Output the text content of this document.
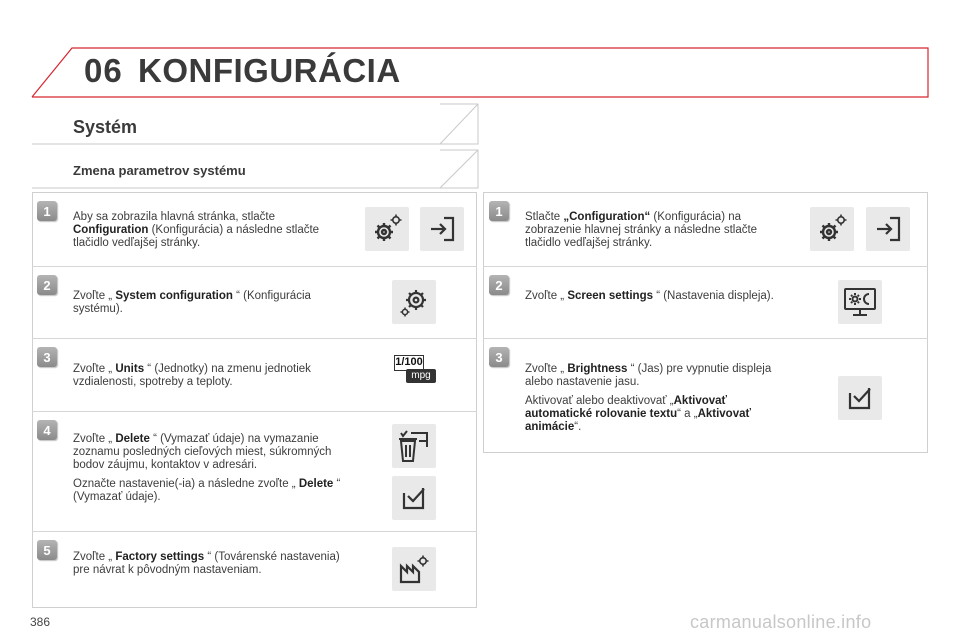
06 KONFIGURÁCIA
Systém
Zmena parametrov systému
1	Aby sa zobrazila hlavná stránka, stlačte Configuration (Konfigurácia) a následne stlačte tlačidlo vedľajšej stránky.
2
Zvoľte „ System configuration “ (Konfigurácia systému).
3
Zvoľte „ Units “ (Jednotky) na zmenu jednotiek vzdialenosti, spotreby a teploty.
1/100
mpg
4

Zvoľte „ Delete “ (Vymazať údaje) na vymazanie zoznamu posledných cieľových miest, súkromných bodov záujmu, kontaktov v adresári.

Označte nastavenie(-ia) a následne zvoľte „ Delete “ (Vymazať údaje).

5	Zvoľte „ Factory settings “ (Továrenské nastavenia) pre návrat k pôvodným nastaveniam.
1	Stlačte „Configuration“ (Konfigurácia) na zobrazenie hlavnej stránky a následne stlačte tlačidlo vedľajšej stránky.
2
Zvoľte „ Screen settings “ (Nastavenia displeja).
3

Zvoľte „ Brightness “ (Jas) pre vypnutie displeja alebo nastavenie jasu.

Aktivovať alebo deaktivovať „Aktivovať automatické rolovanie textu“ a „Aktivovať animácie“.

386	carmanualsonline.info
